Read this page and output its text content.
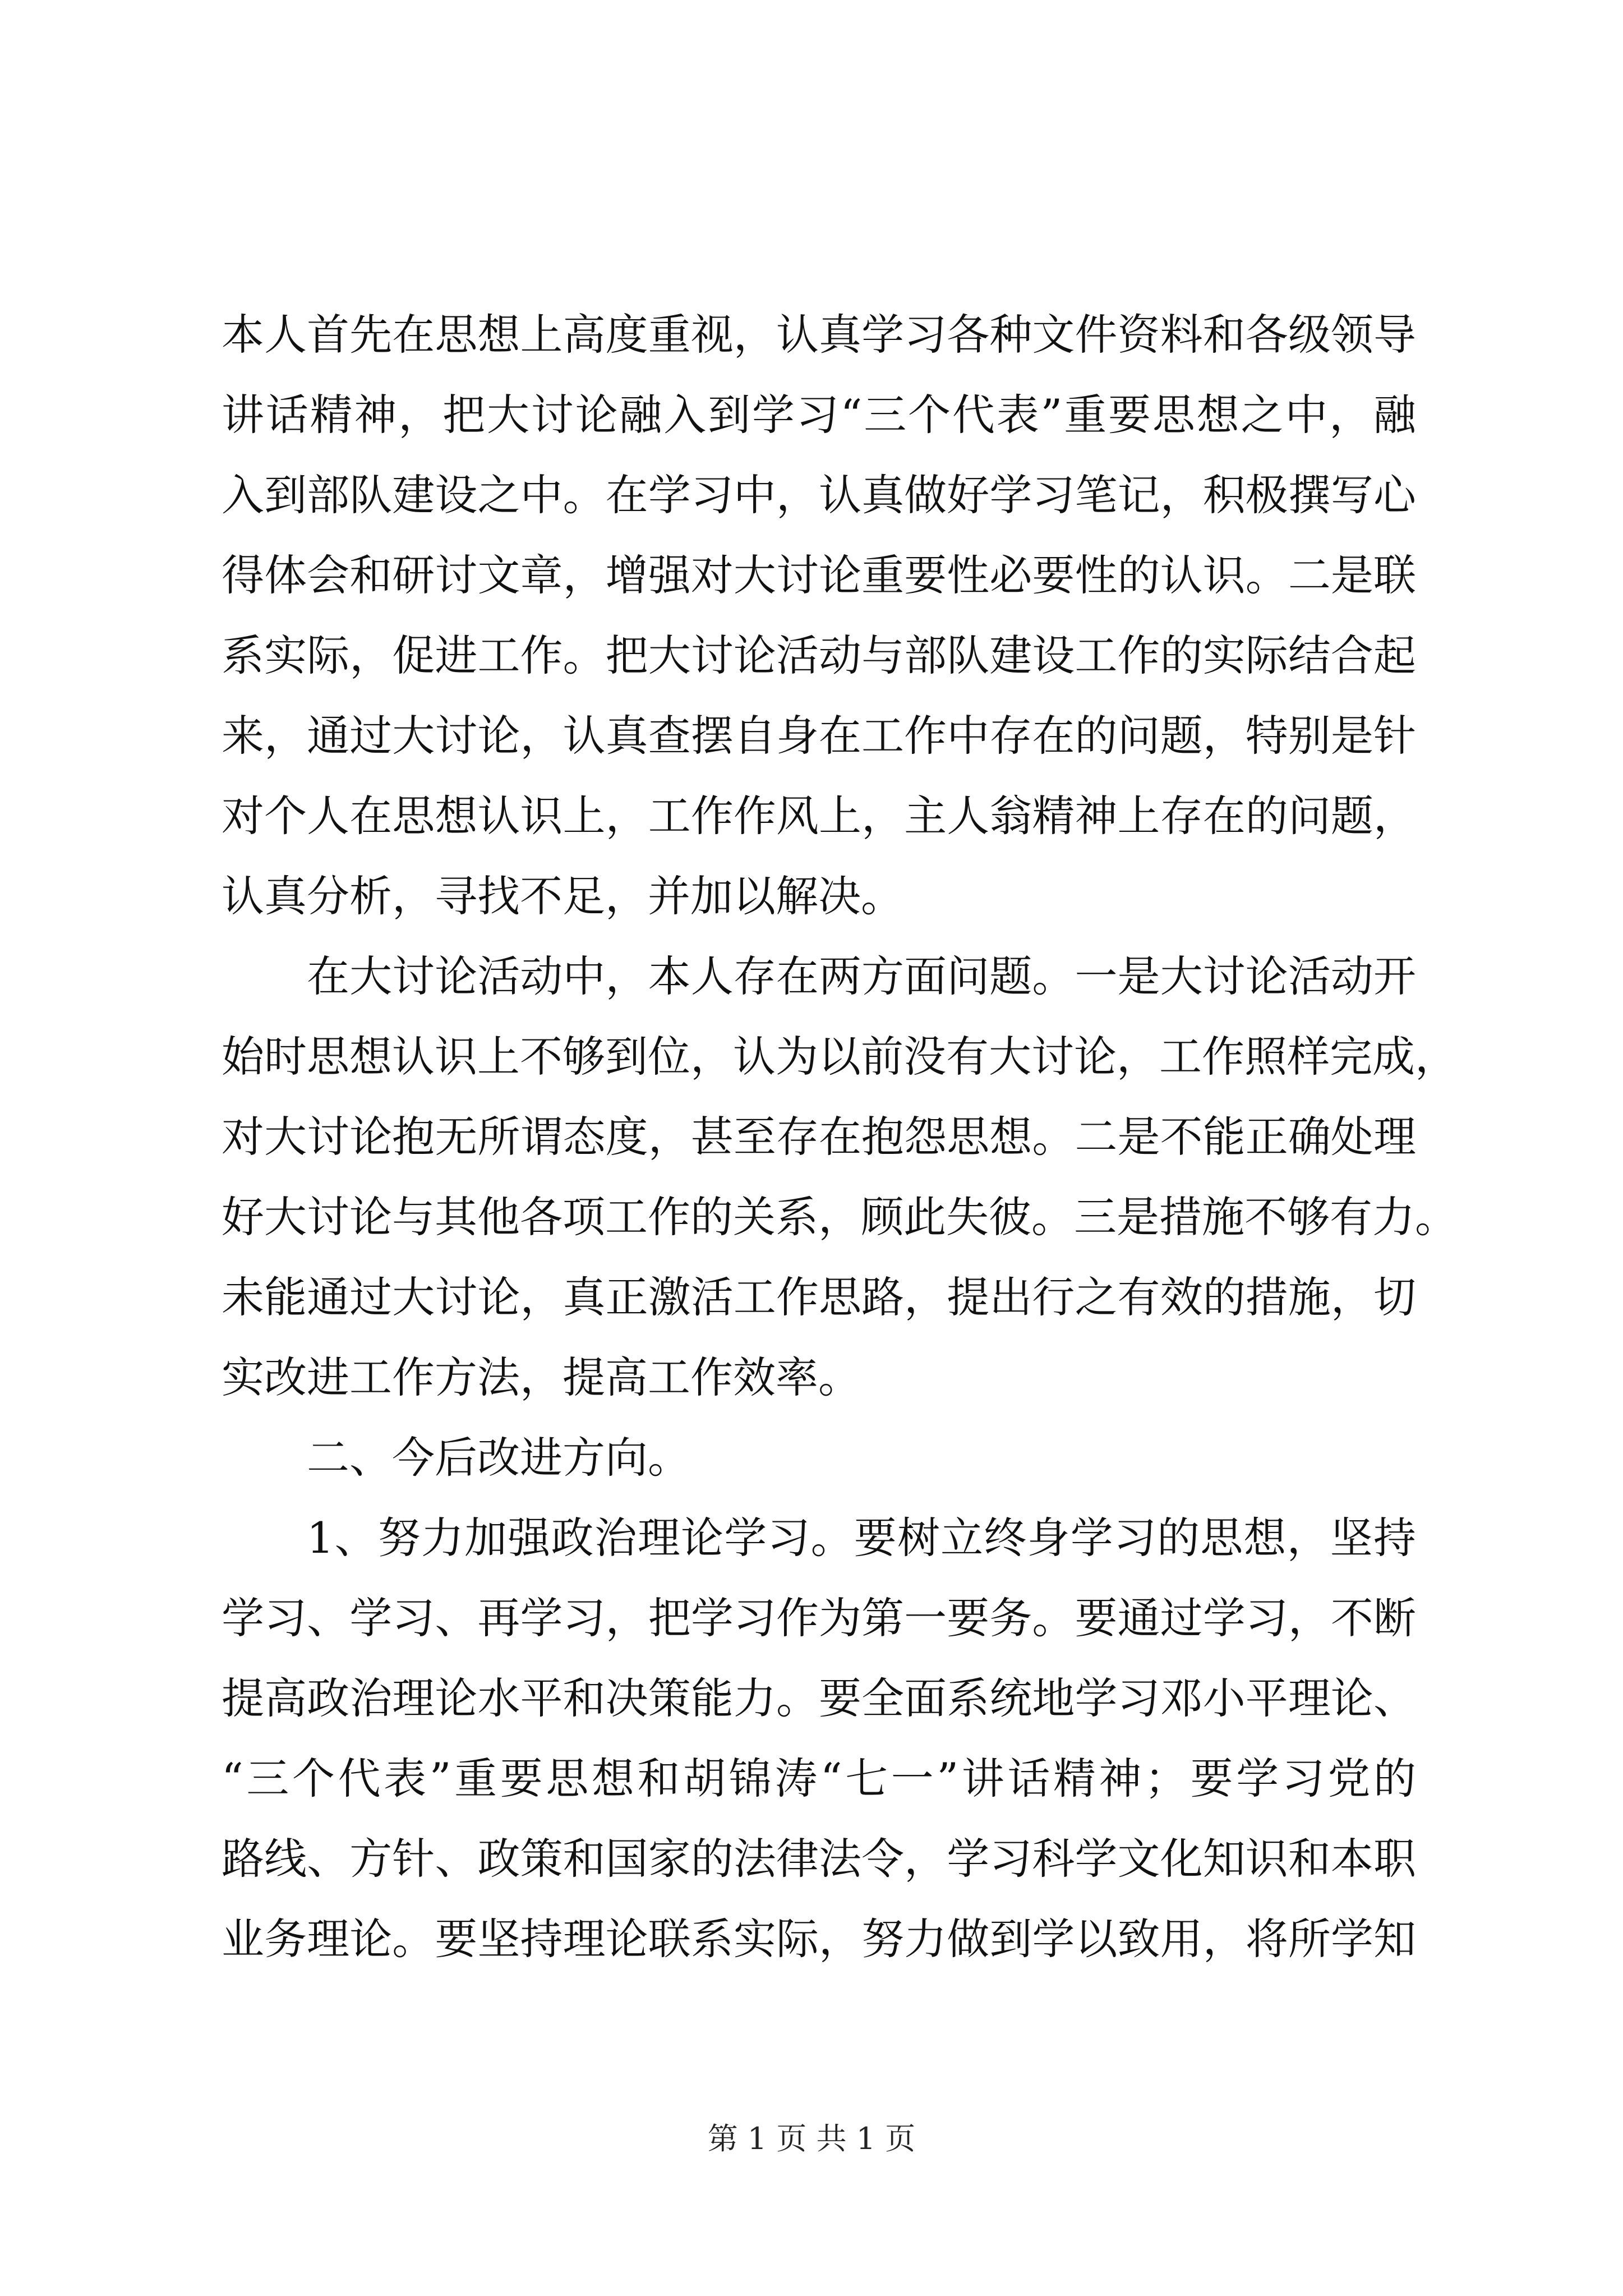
本人首先在思想上高度重视，认真学习各种文件资料和各级领导
讲话精神，把大讨论融入到学习“三个代表”重要思想之中，融
入到部队建设之中。在学习中，认真做好学习笔记，积极撰写心
得体会和研讨文章，增强对大讨论重要性必要性的认识。二是联
系实际，促进工作。把大讨论活动与部队建设工作的实际结合起
来，通过大讨论，认真查摆自身在工作中存在的问题，特别是针
对个人在思想认识上，工作作风上，主人翁精神上存在的问题，
认真分析，寻找不足，并加以解决。
在大讨论活动中，本人存在两方面问题。一是大讨论活动开
始时思想认识上不够到位，认为以前没有大讨论，工作照样完成，
对大讨论抱无所谓态度，甚至存在抱怨思想。二是不能正确处理
好大讨论与其他各项工作的关系，顾此失彼。三是措施不够有力。
未能通过大讨论，真正激活工作思路，提出行之有效的措施，切
实改进工作方法，提高工作效率。
二、今后改进方向。
1、努力加强政治理论学习。要树立终身学习的思想，坚持
学习、学习、再学习，把学习作为第一要务。要通过学习，不断
提高政治理论水平和决策能力。要全面系统地学习邓小平理论、
“三个代表”重要思想和胡锦涛“七一”讲话精神；要学习党的
路线、方针、政策和国家的法律法令，学习科学文化知识和本职
业务理论。要坚持理论联系实际，努力做到学以致用，将所学知
第 1 页 共 1 页
